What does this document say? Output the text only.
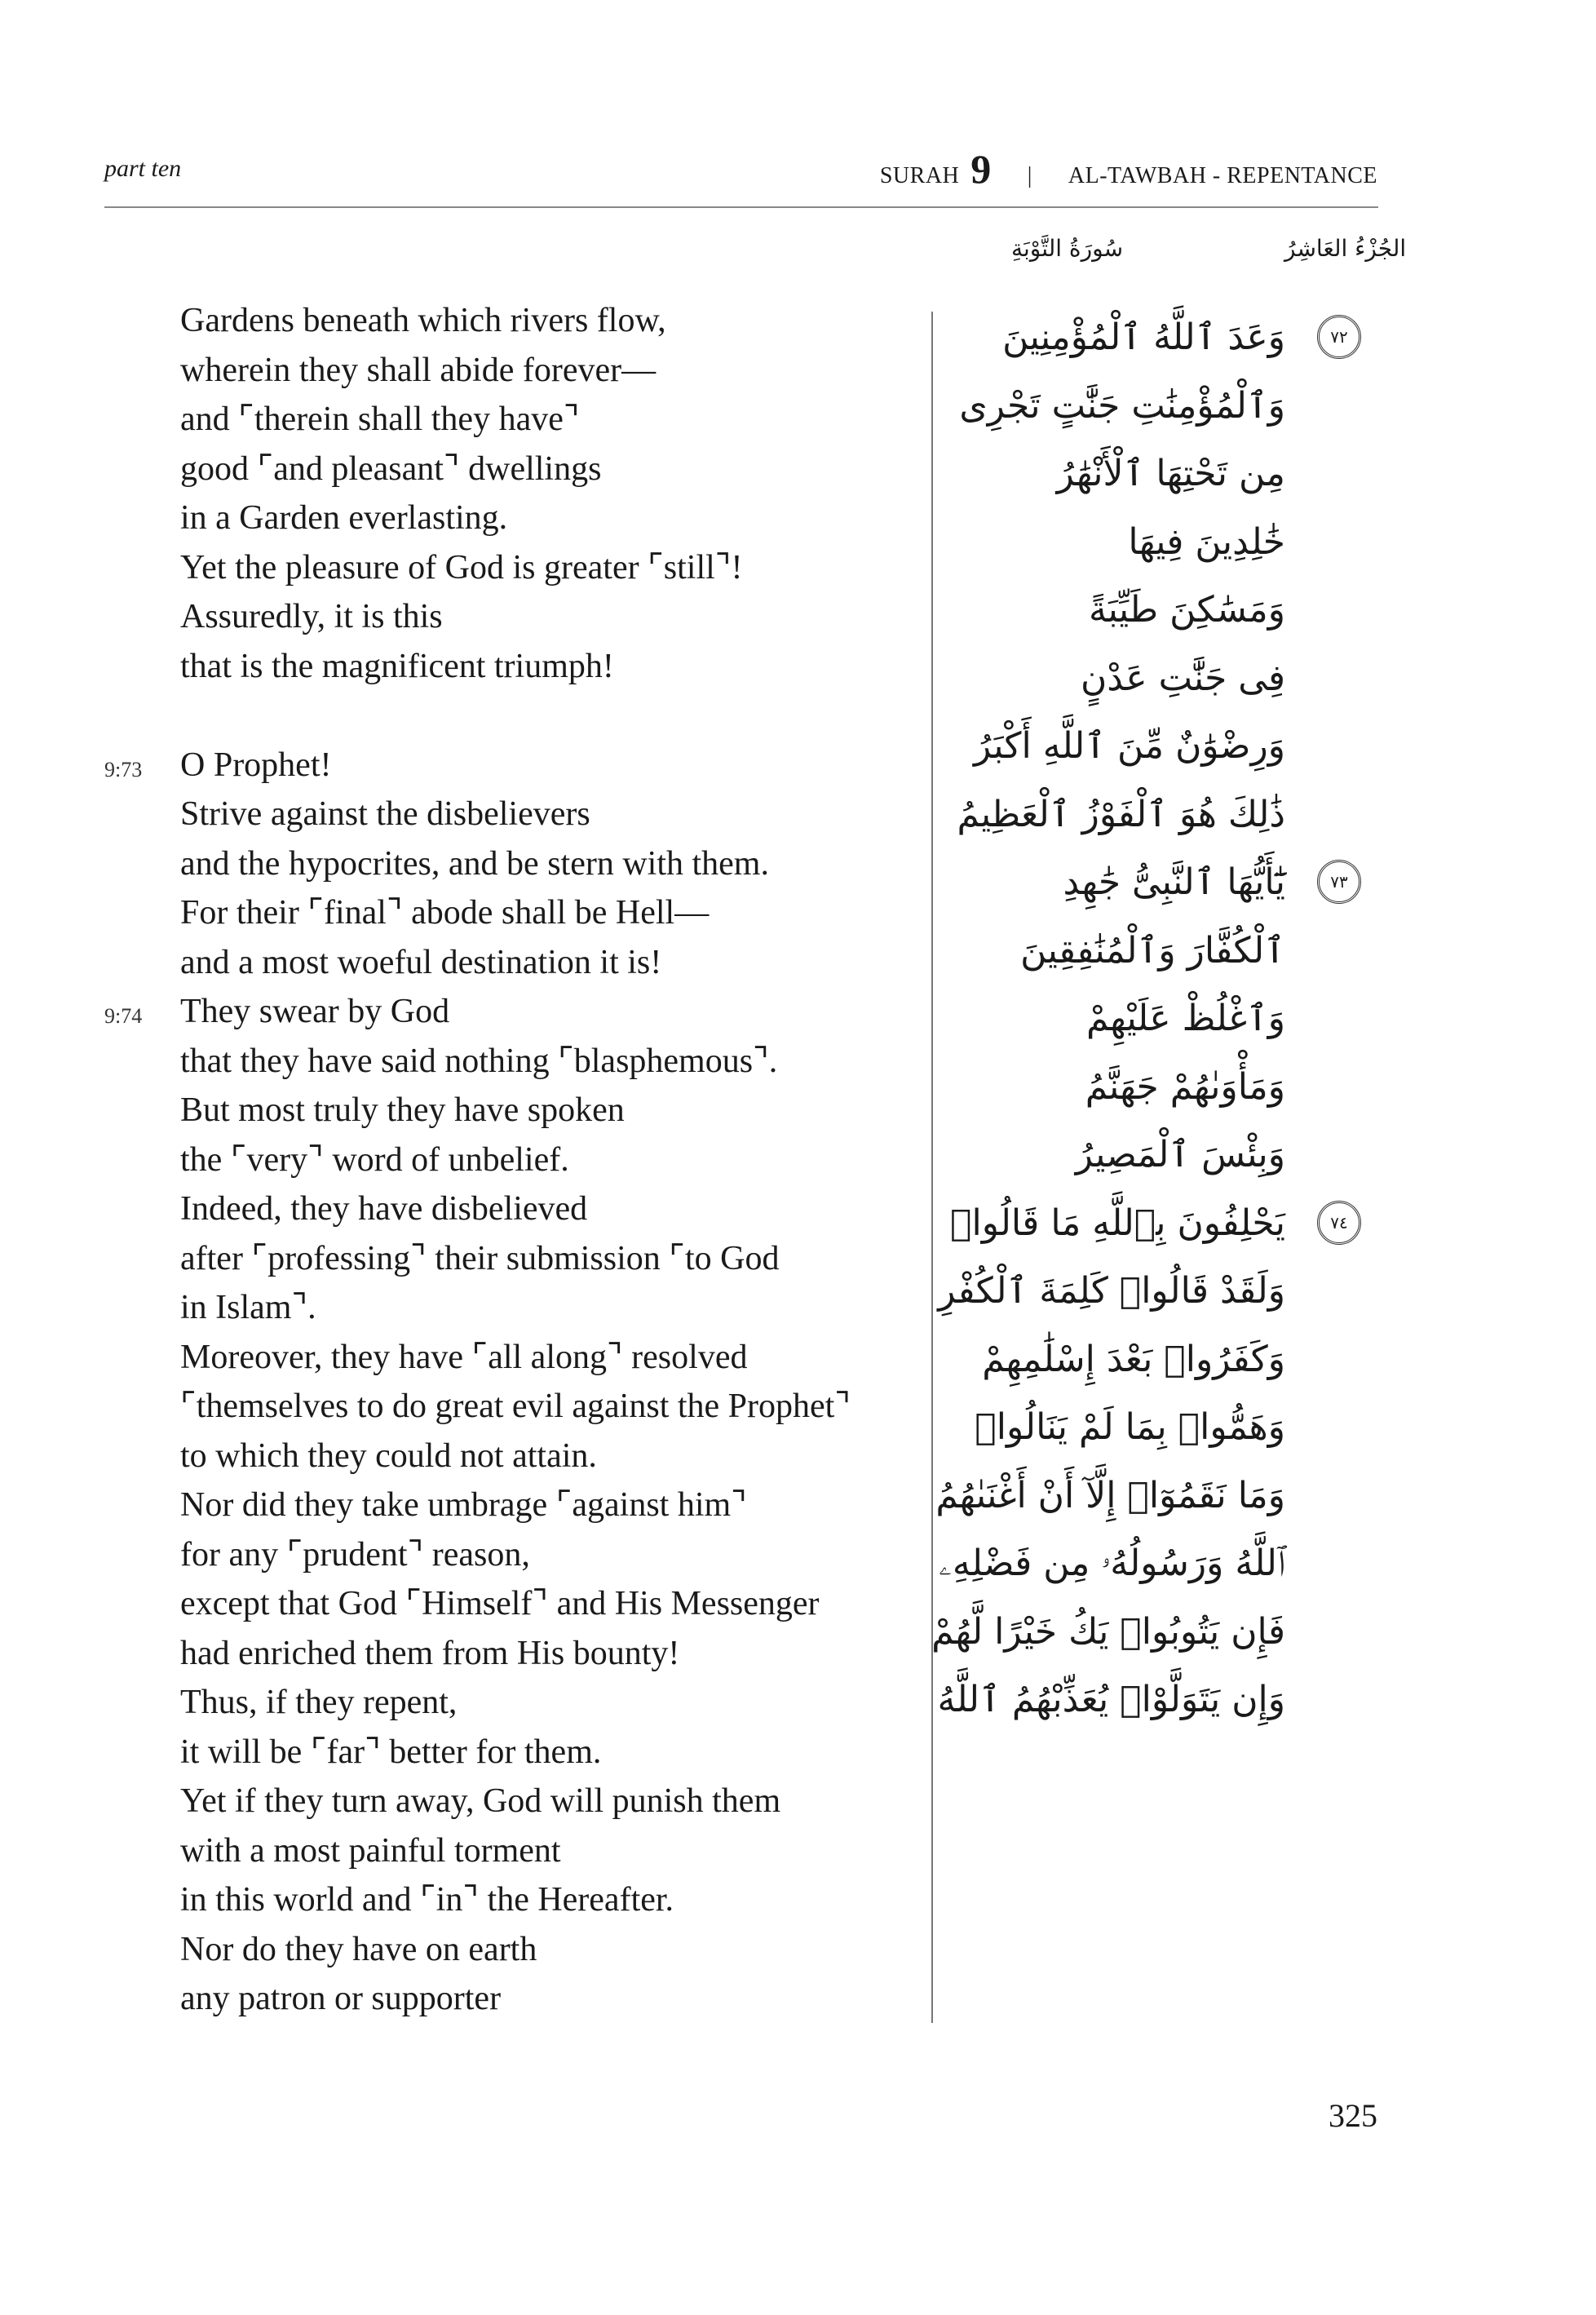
part ten	SURAH 9 | AL-TAWBAH - REPENTANCE
سُورَةُ التَّوْبَةِ	الجُزْءُ العَاشِرُ
Gardens beneath which rivers flow,
wherein they shall abide forever—
and ⌜therein shall they have⌝
good ⌜and pleasant⌝ dwellings
in a Garden everlasting.
Yet the pleasure of God is greater ⌜still⌝!
Assuredly, it is this
that is the magnificent triumph!
9:73 O Prophet!
Strive against the disbelievers
and the hypocrites, and be stern with them.
For their ⌜final⌝ abode shall be Hell—
and a most woeful destination it is!
9:74 They swear by God
that they have said nothing ⌜blasphemous⌝.
But most truly they have spoken
the ⌜very⌝ word of unbelief.
Indeed, they have disbelieved
after ⌜professing⌝ their submission ⌜to God
in Islam⌝.
Moreover, they have ⌜all along⌝ resolved
⌜themselves to do great evil against the Prophet⌝
to which they could not attain.
Nor did they take umbrage ⌜against him⌝
for any ⌜prudent⌝ reason,
except that God ⌜Himself⌝ and His Messenger
had enriched them from His bounty!
Thus, if they repent,
it will be ⌜far⌝ better for them.
Yet if they turn away, God will punish them
with a most painful torment
in this world and ⌜in⌝ the Hereafter.
Nor do they have on earth
any patron or supporter
٧٢
وَعَدَ ٱللَّهُ ٱلْمُؤْمِنِينَ
وَٱلْمُؤْمِنَٰتِ جَنَّٰتٍ تَجْرِى
مِن تَحْتِهَا ٱلْأَنْهَٰرُ
خَٰلِدِينَ فِيهَا
وَمَسَٰكِنَ طَيِّبَةً
فِى جَنَّٰتِ عَدْنٍ
وَرِضْوَٰنٌ مِّنَ ٱللَّهِ أَكْبَرُ
ذَٰلِكَ هُوَ ٱلْفَوْزُ ٱلْعَظِيمُ
٧٣
يَٰٓأَيُّهَا ٱلنَّبِىُّ جَٰهِدِ
ٱلْكُفَّارَ وَٱلْمُنَٰفِقِينَ
وَٱغْلُظْ عَلَيْهِمْ
وَمَأْوَىٰهُمْ جَهَنَّمُ
وَبِئْسَ ٱلْمَصِيرُ
٧٤
يَحْلِفُونَ بِٱللَّهِ مَا قَالُوا۟
وَلَقَدْ قَالُوا۟ كَلِمَةَ ٱلْكُفْرِ
وَكَفَرُوا۟ بَعْدَ إِسْلَٰمِهِمْ
وَهَمُّوا۟ بِمَا لَمْ يَنَالُوا۟
وَمَا نَقَمُوٓا۟ إِلَّآ أَنْ أَغْنَىٰهُمُ
ٱللَّهُ وَرَسُولُهُۥ مِن فَضْلِهِۦ
فَإِن يَتُوبُوا۟ يَكُ خَيْرًا لَّهُمْ
وَإِن يَتَوَلَّوْا۟ يُعَذِّبْهُمُ ٱللَّهُ
325
